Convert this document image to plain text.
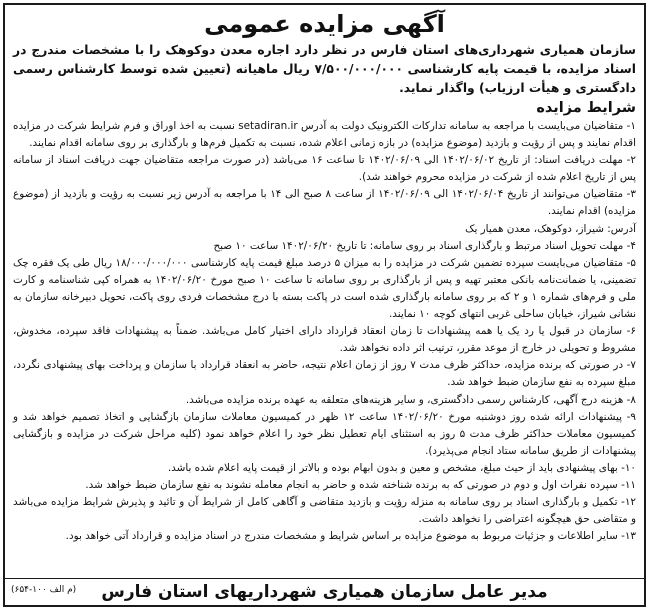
آگهی مزایده عمومی
سازمان همیاری شهرداری‌های استان فارس در نظر دارد اجاره معدن دوکوهک را با مشخصات مندرج در اسناد مزایده، با قیمت پایه کارشناسی ۷/۵۰۰/۰۰۰/۰۰۰ ریال ماهیانه (تعیین شده توسط کارشناس رسمی دادگستری و هیأت ارزیاب) واگذار نماید.
شرایط مزایده
۱- متقاضیان می‌بایست با مراجعه به سامانه تدارکات الکترونیک دولت به آدرس setadiran.ir نسبت به اخذ اوراق و فرم شرایط شرکت در مزایده اقدام نمایند و پس از رؤیت و بازدید (موضوع مزایده) در بازه زمانی اعلام شده، نسبت به تکمیل فرم‌ها و بارگذاری بر روی سامانه اقدام نمایند.
۲- مهلت دریافت اسناد: از تاریخ ۱۴۰۲/۰۶/۰۲ الی ۱۴۰۲/۰۶/۰۹ تا ساعت ۱۶ می‌باشد (در صورت مراجعه متقاضیان جهت دریافت اسناد از سامانه پس از تاریخ اعلام شده از شرکت در مزایده محروم خواهند شد).
۳- متقاضیان می‌توانند از تاریخ ۱۴۰۲/۰۶/۰۴ الی ۱۴۰۲/۰۶/۰۹ از ساعت ۸ صبح الی ۱۴ با مراجعه به آدرس زیر نسبت به رؤیت و بازدید از (موضوع مزایده) اقدام نمایند.
آدرس: شیراز، دوکوهک، معدن همیار یک
۴- مهلت تحویل اسناد مرتبط و بارگذاری اسناد بر روی سامانه: تا تاریخ ۱۴۰۲/۰۶/۲۰ ساعت ۱۰ صبح
۵- متقاضیان می‌بایست سپرده تضمین شرکت در مزایده را به میزان ۵ درصد مبلغ قیمت پایه کارشناسی ۱۸/۰۰۰/۰۰۰/۰۰۰ ریال طی یک فقره چک تضمینی، یا ضمانت‌نامه بانکی معتبر تهیه و پس از بارگذاری بر روی سامانه تا ساعت ۱۰ صبح مورخ ۱۴۰۲/۰۶/۲۰ به همراه کپی شناسنامه و کارت ملی و فرم‌های شماره ۱ و ۲ که بر روی سامانه بارگذاری شده است در پاکت بسته با درج مشخصات فردی روی پاکت، تحویل دبیرخانه سازمان به نشانی شیراز، خیابان ساحلی غربی انتهای کوچه ۱۰ نمایند.
۶- سازمان در قبول یا رد یک یا همه پیشنهادات تا زمان انعقاد قرارداد دارای اختیار کامل می‌باشد. ضمناً به پیشنهادات فاقد سپرده، مخدوش، مشروط و تحویلی در خارج از موعد مقرر، ترتیب اثر داده نخواهد شد.
۷- در صورتی که برنده مزایده، حداکثر ظرف مدت ۷ روز از زمان اعلام نتیجه، حاضر به انعقاد قرارداد با سازمان و پرداخت بهای پیشنهادی نگردد، مبلغ سپرده به نفع سازمان ضبط خواهد شد.
۸- هزینه درج آگهی، کارشناس رسمی دادگستری، و سایر هزینه‌های متعلقه به عهده برنده مزایده می‌باشد.
۹- پیشنهادات ارائه شده روز دوشنبه مورخ ۱۴۰۲/۰۶/۲۰ ساعت ۱۲ ظهر در کمیسیون معاملات سازمان بازگشایی و اتخاذ تصمیم خواهد شد و کمیسیون معاملات حداکثر ظرف مدت ۵ روز به استثنای ایام تعطیل نظر خود را اعلام خواهد نمود (کلیه مراحل شرکت در مزایده و بازگشایی پیشنهادات از طریق سامانه ستاد انجام می‌پذیرد).
۱۰- بهای پیشنهادی باید از حیث مبلغ، مشخص و معین و بدون ابهام بوده و بالاتر از قیمت پایه اعلام شده باشد.
۱۱- سپرده نفرات اول و دوم در صورتی که به برنده شناخته شده و حاضر به انجام معامله نشوند به نفع سازمان ضبط خواهد شد.
۱۲- تکمیل و بارگذاری اسناد بر روی سامانه به منزله رؤیت و بازدید متقاضی و آگاهی کامل از شرایط آن و تائید و پذیرش شرایط مزایده می‌باشد و متقاضی حق هیچگونه اعتراضی را نخواهد داشت.
۱۳- سایر اطلاعات و جزئیات مربوط به موضوع مزایده بر اساس شرایط و مشخصات مندرج در اسناد مزایده و قرارداد آتی خواهد بود.
مدیر عامل سازمان همیاری شهرداریهای استان فارس
(م الف ۱۰۰-۶۵۴)
